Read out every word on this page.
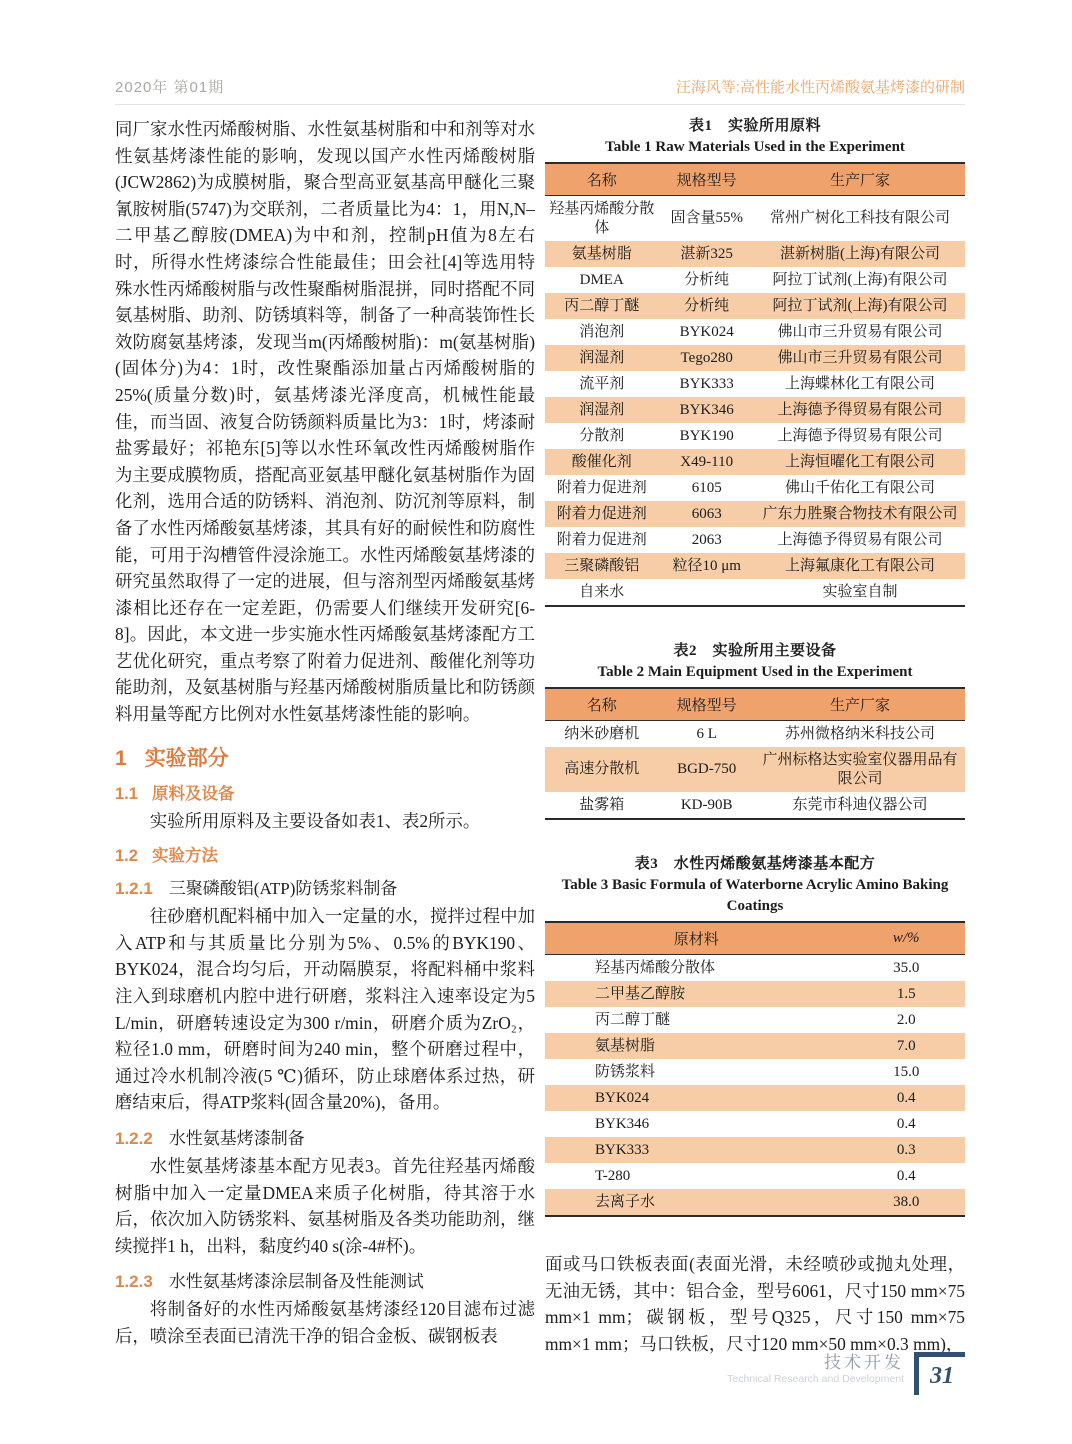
2020年 第01期	汪海风等:高性能水性丙烯酸氨基烤漆的研制

同厂家水性丙烯酸树脂、水性氨基树脂和中和剂等对水性氨基烤漆性能的影响，发现以国产水性丙烯酸树脂(JCW2862)为成膜树脂，聚合型高亚氨基高甲醚化三聚氰胺树脂(5747)为交联剂，二者质量比为4：1，用N,N–二甲基乙醇胺(DMEA)为中和剂，控制pH值为8左右时，所得水性烤漆综合性能最佳；田会社[4]等选用特殊水性丙烯酸树脂与改性聚酯树脂混拼，同时搭配不同氨基树脂、助剂、防锈填料等，制备了一种高装饰性长效防腐氨基烤漆，发现当m(丙烯酸树脂)：m(氨基树脂)(固体分)为4：1时，改性聚酯添加量占丙烯酸树脂的25%(质量分数)时，氨基烤漆光泽度高，机械性能最佳，而当固、液复合防锈颜料质量比为3：1时，烤漆耐盐雾最好；祁艳东[5]等以水性环氧改性丙烯酸树脂作为主要成膜物质，搭配高亚氨基甲醚化氨基树脂作为固化剂，选用合适的防锈料、消泡剂、防沉剂等原料，制备了水性丙烯酸氨基烤漆，其具有好的耐候性和防腐性能，可用于沟槽管件浸涂施工。水性丙烯酸氨基烤漆的研究虽然取得了一定的进展，但与溶剂型丙烯酸氨基烤漆相比还存在一定差距，仍需要人们继续开发研究[6-8]。因此，本文进一步实施水性丙烯酸氨基烤漆配方工艺优化研究，重点考察了附着力促进剂、酸催化剂等功能助剂，及氨基树脂与羟基丙烯酸树脂质量比和防锈颜料用量等配方比例对水性氨基烤漆性能的影响。

1 实验部分
1.1 原料及设备

实验所用原料及主要设备如表1、表2所示。

1.2 实验方法
1.2.1 三聚磷酸铝(ATP)防锈浆料制备

往砂磨机配料桶中加入一定量的水，搅拌过程中加入ATP和与其质量比分别为5%、0.5%的BYK190、BYK024，混合均匀后，开动隔膜泵，将配料桶中浆料注入到球磨机内腔中进行研磨，浆料注入速率设定为5 L/min，研磨转速设定为300 r/min，研磨介质为ZrO₂，粒径1.0 mm，研磨时间为240 min，整个研磨过程中，通过冷水机制冷液(5 ℃)循环，防止球磨体系过热，研磨结束后，得ATP浆料(固含量20%)，备用。

1.2.2 水性氨基烤漆制备

水性氨基烤漆基本配方见表3。首先往羟基丙烯酸树脂中加入一定量DMEA来质子化树脂，待其溶于水后，依次加入防锈浆料、氨基树脂及各类功能助剂，继续搅拌1 h，出料，黏度约40 s(涂-4#杯)。

1.2.3 水性氨基烤漆涂层制备及性能测试

将制备好的水性丙烯酸氨基烤漆经120目滤布过滤后，喷涂至表面已清洗干净的铝合金板、碳钢板表

表1　实验所用原料
Table 1 Raw Materials Used in the Experiment
名称	规格型号	生产厂家
羟基丙烯酸分散体	固含量55%	常州广树化工科技有限公司
氨基树脂	湛新325	湛新树脂(上海)有限公司
DMEA	分析纯	阿拉丁试剂(上海)有限公司
丙二醇丁醚	分析纯	阿拉丁试剂(上海)有限公司
消泡剂	BYK024	佛山市三升贸易有限公司
润湿剂	Tego280	佛山市三升贸易有限公司
流平剂	BYK333	上海蝶林化工有限公司
润湿剂	BYK346	上海德予得贸易有限公司
分散剂	BYK190	上海德予得贸易有限公司
酸催化剂	X49-110	上海恒曜化工有限公司
附着力促进剂	6105	佛山千佑化工有限公司
附着力促进剂	6063	广东力胜聚合物技术有限公司
附着力促进剂	2063	上海德予得贸易有限公司
三聚磷酸铝	粒径10 μm	上海氟康化工有限公司
自来水		实验室自制
表2　实验所用主要设备
Table 2 Main Equipment Used in the Experiment
名称	规格型号	生产厂家
纳米砂磨机	6 L	苏州微格纳米科技公司
高速分散机	BGD-750	广州标格达实验室仪器用品有限公司
盐雾箱	KD-90B	东莞市科迪仪器公司
表3　水性丙烯酸氨基烤漆基本配方
Table 3 Basic Formula of Waterborne Acrylic Amino Baking Coatings
原材料	w/%
羟基丙烯酸分散体	35.0
二甲基乙醇胺	1.5
丙二醇丁醚	2.0
氨基树脂	7.0
防锈浆料	15.0
BYK024	0.4
BYK346	0.4
BYK333	0.3
T-280	0.4
去离子水	38.0

面或马口铁板表面(表面光滑，未经喷砂或抛丸处理，无油无锈，其中：铝合金，型号6061，尺寸150 mm×75 mm×1 mm；碳钢板，型号Q325，尺寸150 mm×75 mm×1 mm；马口铁板，尺寸120 mm×50 mm×0.3 mm)，

技术开发
Technical Research and Development 31
